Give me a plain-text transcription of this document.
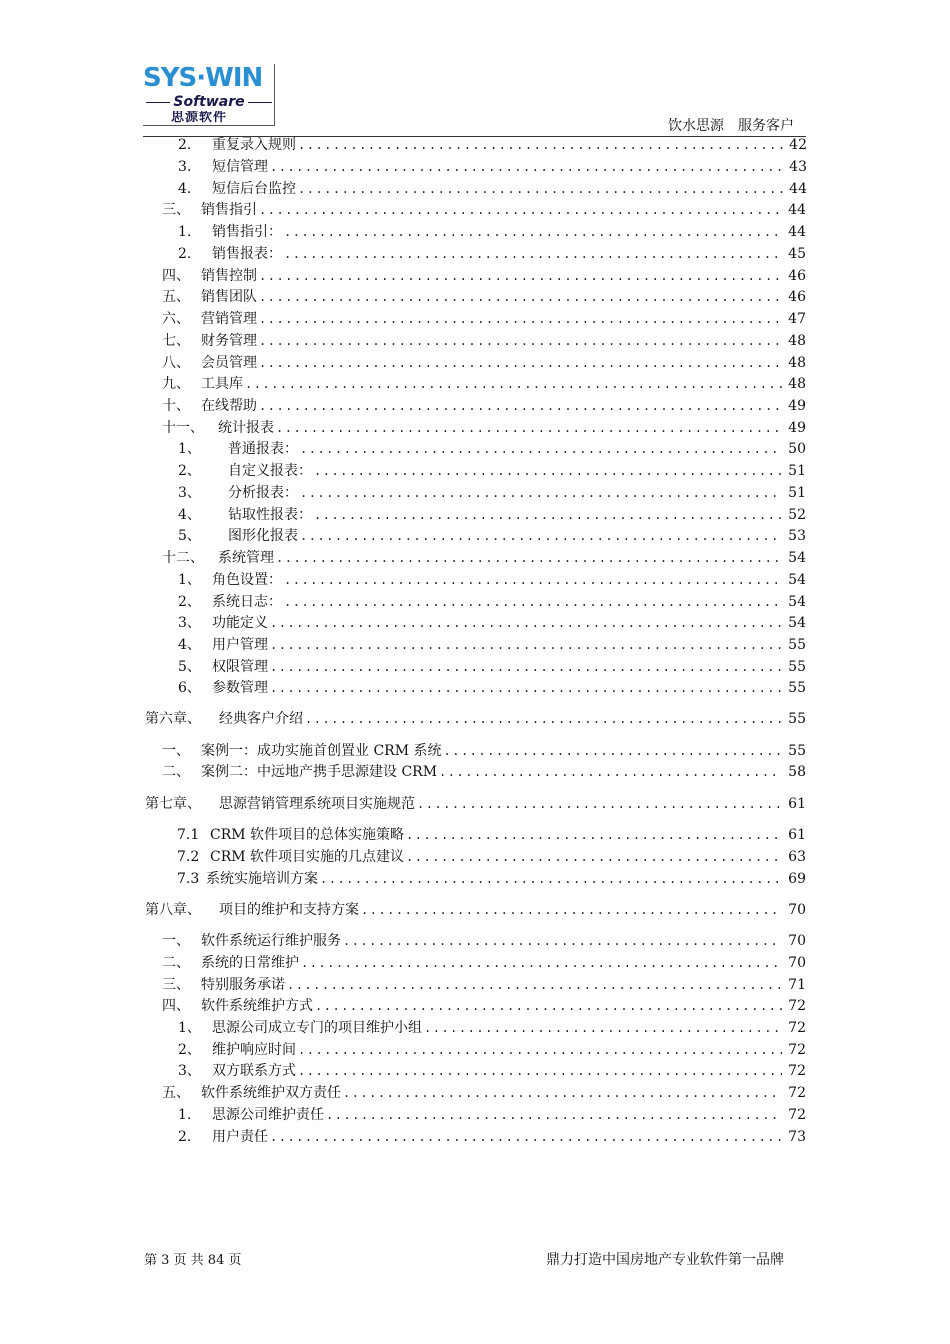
SYS·WIN
Software
思源软件
饮水思源　服务客户
2.	重复录入规则 .....	42
3.	短信管理 .....	43
4.	短信后台监控 .....	44
三、 销售指引 .....	44
1.	销售指引： .....	44
2.	销售报表： .....	45
四、 销售控制 .....	46
五、 销售团队 .....	46
六、 营销管理 .....	47
七、 财务管理 .....	48
八、 会员管理 .....	48
九、 工具库 .....	48
十、 在线帮助 .....	49
十一、	统计报表 .....	49
1、	普通报表： .....	50
2、	自定义报表： .....	51
3、	分析报表： .....	51
4、	钻取性报表： .....	52
5、	图形化报表 .....	53
十二、	系统管理 .....	54
1、 角色设置： .....	54
2、 系统日志： .....	54
3、 功能定义 .....	54
4、 用户管理 .....	55
5、 权限管理 .....	55
6、 参数管理 .....	55
第六章、	经典客户介绍 .....	55
一、 案例一：成功实施首创置业 CRM 系统 .....	55
二、 案例二：中远地产携手思源建设 CRM .....	58
第七章、	思源营销管理系统项目实施规范 .....	61
7.1 CRM 软件项目的总体实施策略 .....	61
7.2 CRM 软件项目实施的几点建议 .....	63
7.3 系统实施培训方案 .....	69
第八章、	项目的维护和支持方案 .....	70
一、 软件系统运行维护服务 .....	70
二、 系统的日常维护 .....	70
三、 特别服务承诺 .....	71
四、 软件系统维护方式 .....	72
1、 思源公司成立专门的项目维护小组 .....	72
2、 维护响应时间 .....	72
3、 双方联系方式 .....	72
五、 软件系统维护双方责任 .....	72
1.	思源公司维护责任 .....	72
2.	用户责任 .....	73
第 3 页 共 84 页	鼎力打造中国房地产专业软件第一品牌
